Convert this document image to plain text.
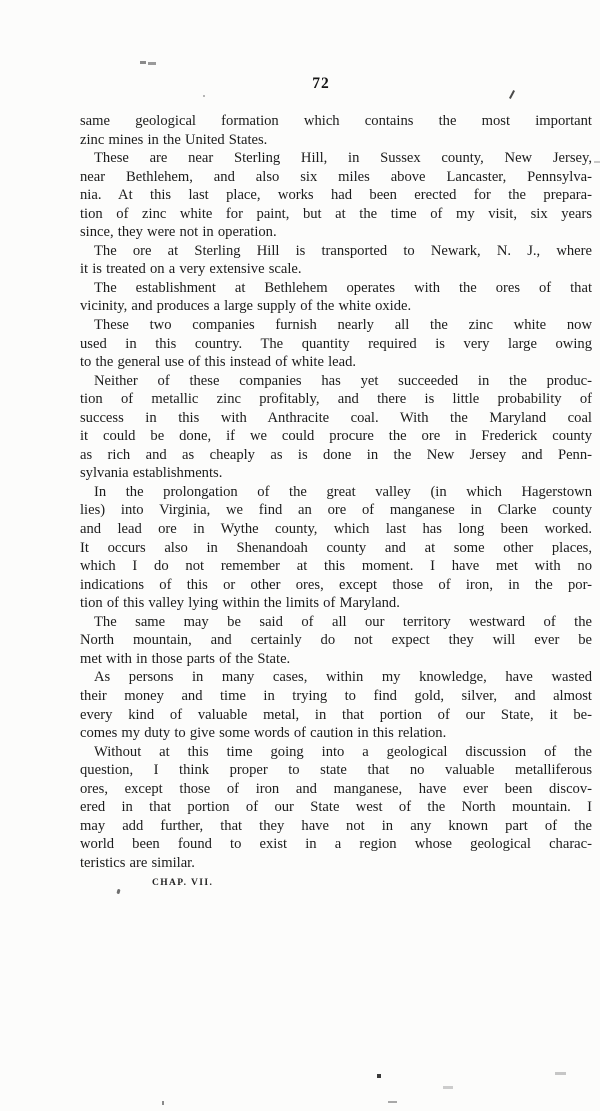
72
same geological formation which contains the most important
zinc mines in the United States.
These are near Sterling Hill, in Sussex county, New Jersey,
near Bethlehem, and also six miles above Lancaster, Pennsylva-
nia. At this last place, works had been erected for the prepara-
tion of zinc white for paint, but at the time of my visit, six years
since, they were not in operation.
The ore at Sterling Hill is transported to Newark, N. J., where
it is treated on a very extensive scale.
The establishment at Bethlehem operates with the ores of that
vicinity, and produces a large supply of the white oxide.
These two companies furnish nearly all the zinc white now
used in this country. The quantity required is very large owing
to the general use of this instead of white lead.
Neither of these companies has yet succeeded in the produc-
tion of metallic zinc profitably, and there is little probability of
success in this with Anthracite coal. With the Maryland coal
it could be done, if we could procure the ore in Frederick county
as rich and as cheaply as is done in the New Jersey and Penn-
sylvania establishments.
In the prolongation of the great valley (in which Hagerstown
lies) into Virginia, we find an ore of manganese in Clarke county
and lead ore in Wythe county, which last has long been worked.
It occurs also in Shenandoah county and at some other places,
which I do not remember at this moment. I have met with no
indications of this or other ores, except those of iron, in the por-
tion of this valley lying within the limits of Maryland.
The same may be said of all our territory westward of the
North mountain, and certainly do not expect they will ever be
met with in those parts of the State.
As persons in many cases, within my knowledge, have wasted
their money and time in trying to find gold, silver, and almost
every kind of valuable metal, in that portion of our State, it be-
comes my duty to give some words of caution in this relation.
Without at this time going into a geological discussion of the
question, I think proper to state that no valuable metalliferous
ores, except those of iron and manganese, have ever been discov-
ered in that portion of our State west of the North mountain. I
may add further, that they have not in any known part of the
world been found to exist in a region whose geological charac-
teristics are similar.
CHAP. VII.
